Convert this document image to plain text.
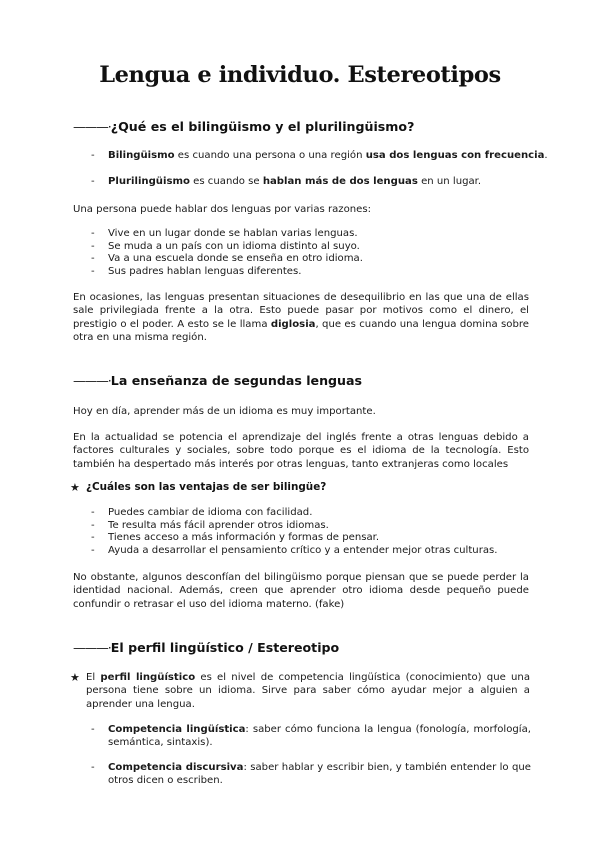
Lengua e individuo. Estereotipos
———·¿Qué es el bilingüismo y el plurilingüismo?
- Bilingüismo es cuando una persona o una región usa dos lenguas con frecuencia.
- Plurilingüismo es cuando se hablan más de dos lenguas en un lugar.
Una persona puede hablar dos lenguas por varias razones:
- Vive en un lugar donde se hablan varias lenguas.
- Se muda a un país con un idioma distinto al suyo.
- Va a una escuela donde se enseña en otro idioma.
- Sus padres hablan lenguas diferentes.
En ocasiones, las lenguas presentan situaciones de desequilibrio en las que una de ellas sale privilegiada frente a la otra. Esto puede pasar por motivos como el dinero, el prestigio o el poder. A esto se le llama diglosia, que es cuando una lengua domina sobre otra en una misma región.
———·La enseñanza de segundas lenguas
Hoy en día, aprender más de un idioma es muy importante.
En la actualidad se potencia el aprendizaje del inglés frente a otras lenguas debido a factores culturales y sociales, sobre todo porque es el idioma de la tecnología. Esto también ha despertado más interés por otras lenguas, tanto extranjeras como locales
★ ¿Cuáles son las ventajas de ser bilingüe?
- Puedes cambiar de idioma con facilidad.
- Te resulta más fácil aprender otros idiomas.
- Tienes acceso a más información y formas de pensar.
- Ayuda a desarrollar el pensamiento crítico y a entender mejor otras culturas.
No obstante, algunos desconfían del bilingüismo porque piensan que se puede perder la identidad nacional. Además, creen que aprender otro idioma desde pequeño puede confundir o retrasar el uso del idioma materno. (fake)
———·El perfil lingüístico / Estereotipo
★ El perfil lingüístico es el nivel de competencia lingüística (conocimiento) que una persona tiene sobre un idioma. Sirve para saber cómo ayudar mejor a alguien a aprender una lengua.
-	Competencia lingüística: saber cómo funciona la lengua (fonología, morfología, semántica, sintaxis).
-	Competencia discursiva: saber hablar y escribir bien, y también entender lo que otros dicen o escriben.
